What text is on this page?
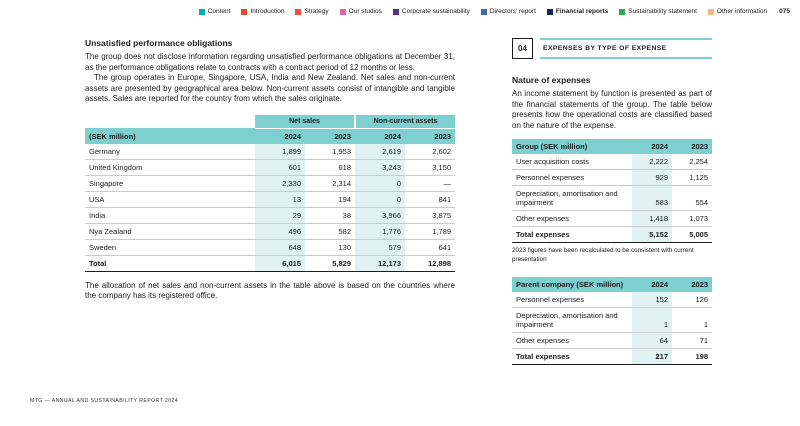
Content	Introduction	Strategy	Our studios	Corporate sustainability	Directors' report	Financial reports	Sustainability statement	Other information 075
Unsatisfied performance obligations

The group does not disclose information regarding unsatisfied performance obligations at December 31, as the performance obligations relate to contracts with a contract period of 12 months or less.

The group operates in Europe, Singapore, USA, India and New Zealand. Net sales and non-current assets are presented by geographical area below. Non-current assets consist of intangible and tangible assets. Sales are reported for the country from which the sales originate.

	Net sales		Non-current assets	
(SEK million)	2024	2023	2024	2023
Germany	1,899	1,953	2,619	2,602
United Kingdom	601	618	3,243	3,150
Singapore	2,330	2,314	0	—
USA	13	194	0	841
India	29	38	3,966	3,875
Nya Zealand	496	582	1,776	1,789
Sweden	648	130	579	641
Total	6,015	5,829	12,173	12,898

The allocation of net sales and non-current assets in the table above is based on the countries where the company has its registered office.

04	EXPENSES BY TYPE OF EXPENSE
Nature of expenses

An income statement by function is presented as part of the financial statements of the group. The table below presents how the operational costs are classified based on the nature of the expense.

Group (SEK million)	2024	2023
User acquisition costs	2,222	2,254
Personnel expenses	929	1,125
Depreciation, amortisation and impairment	583	554
Other expenses	1,418	1,073
Total expenses	5,152	5,005

2023 figures have been recalculated to be consistent with current presentation

Parent company (SEK million)	2024	2023
Personnel expenses	152	126
Depreciation, amortisation and impairment	1	1
Other expenses	64	71
Total expenses	217	198
MTG — ANNUAL AND SUSTAINABILITY REPORT 2024
